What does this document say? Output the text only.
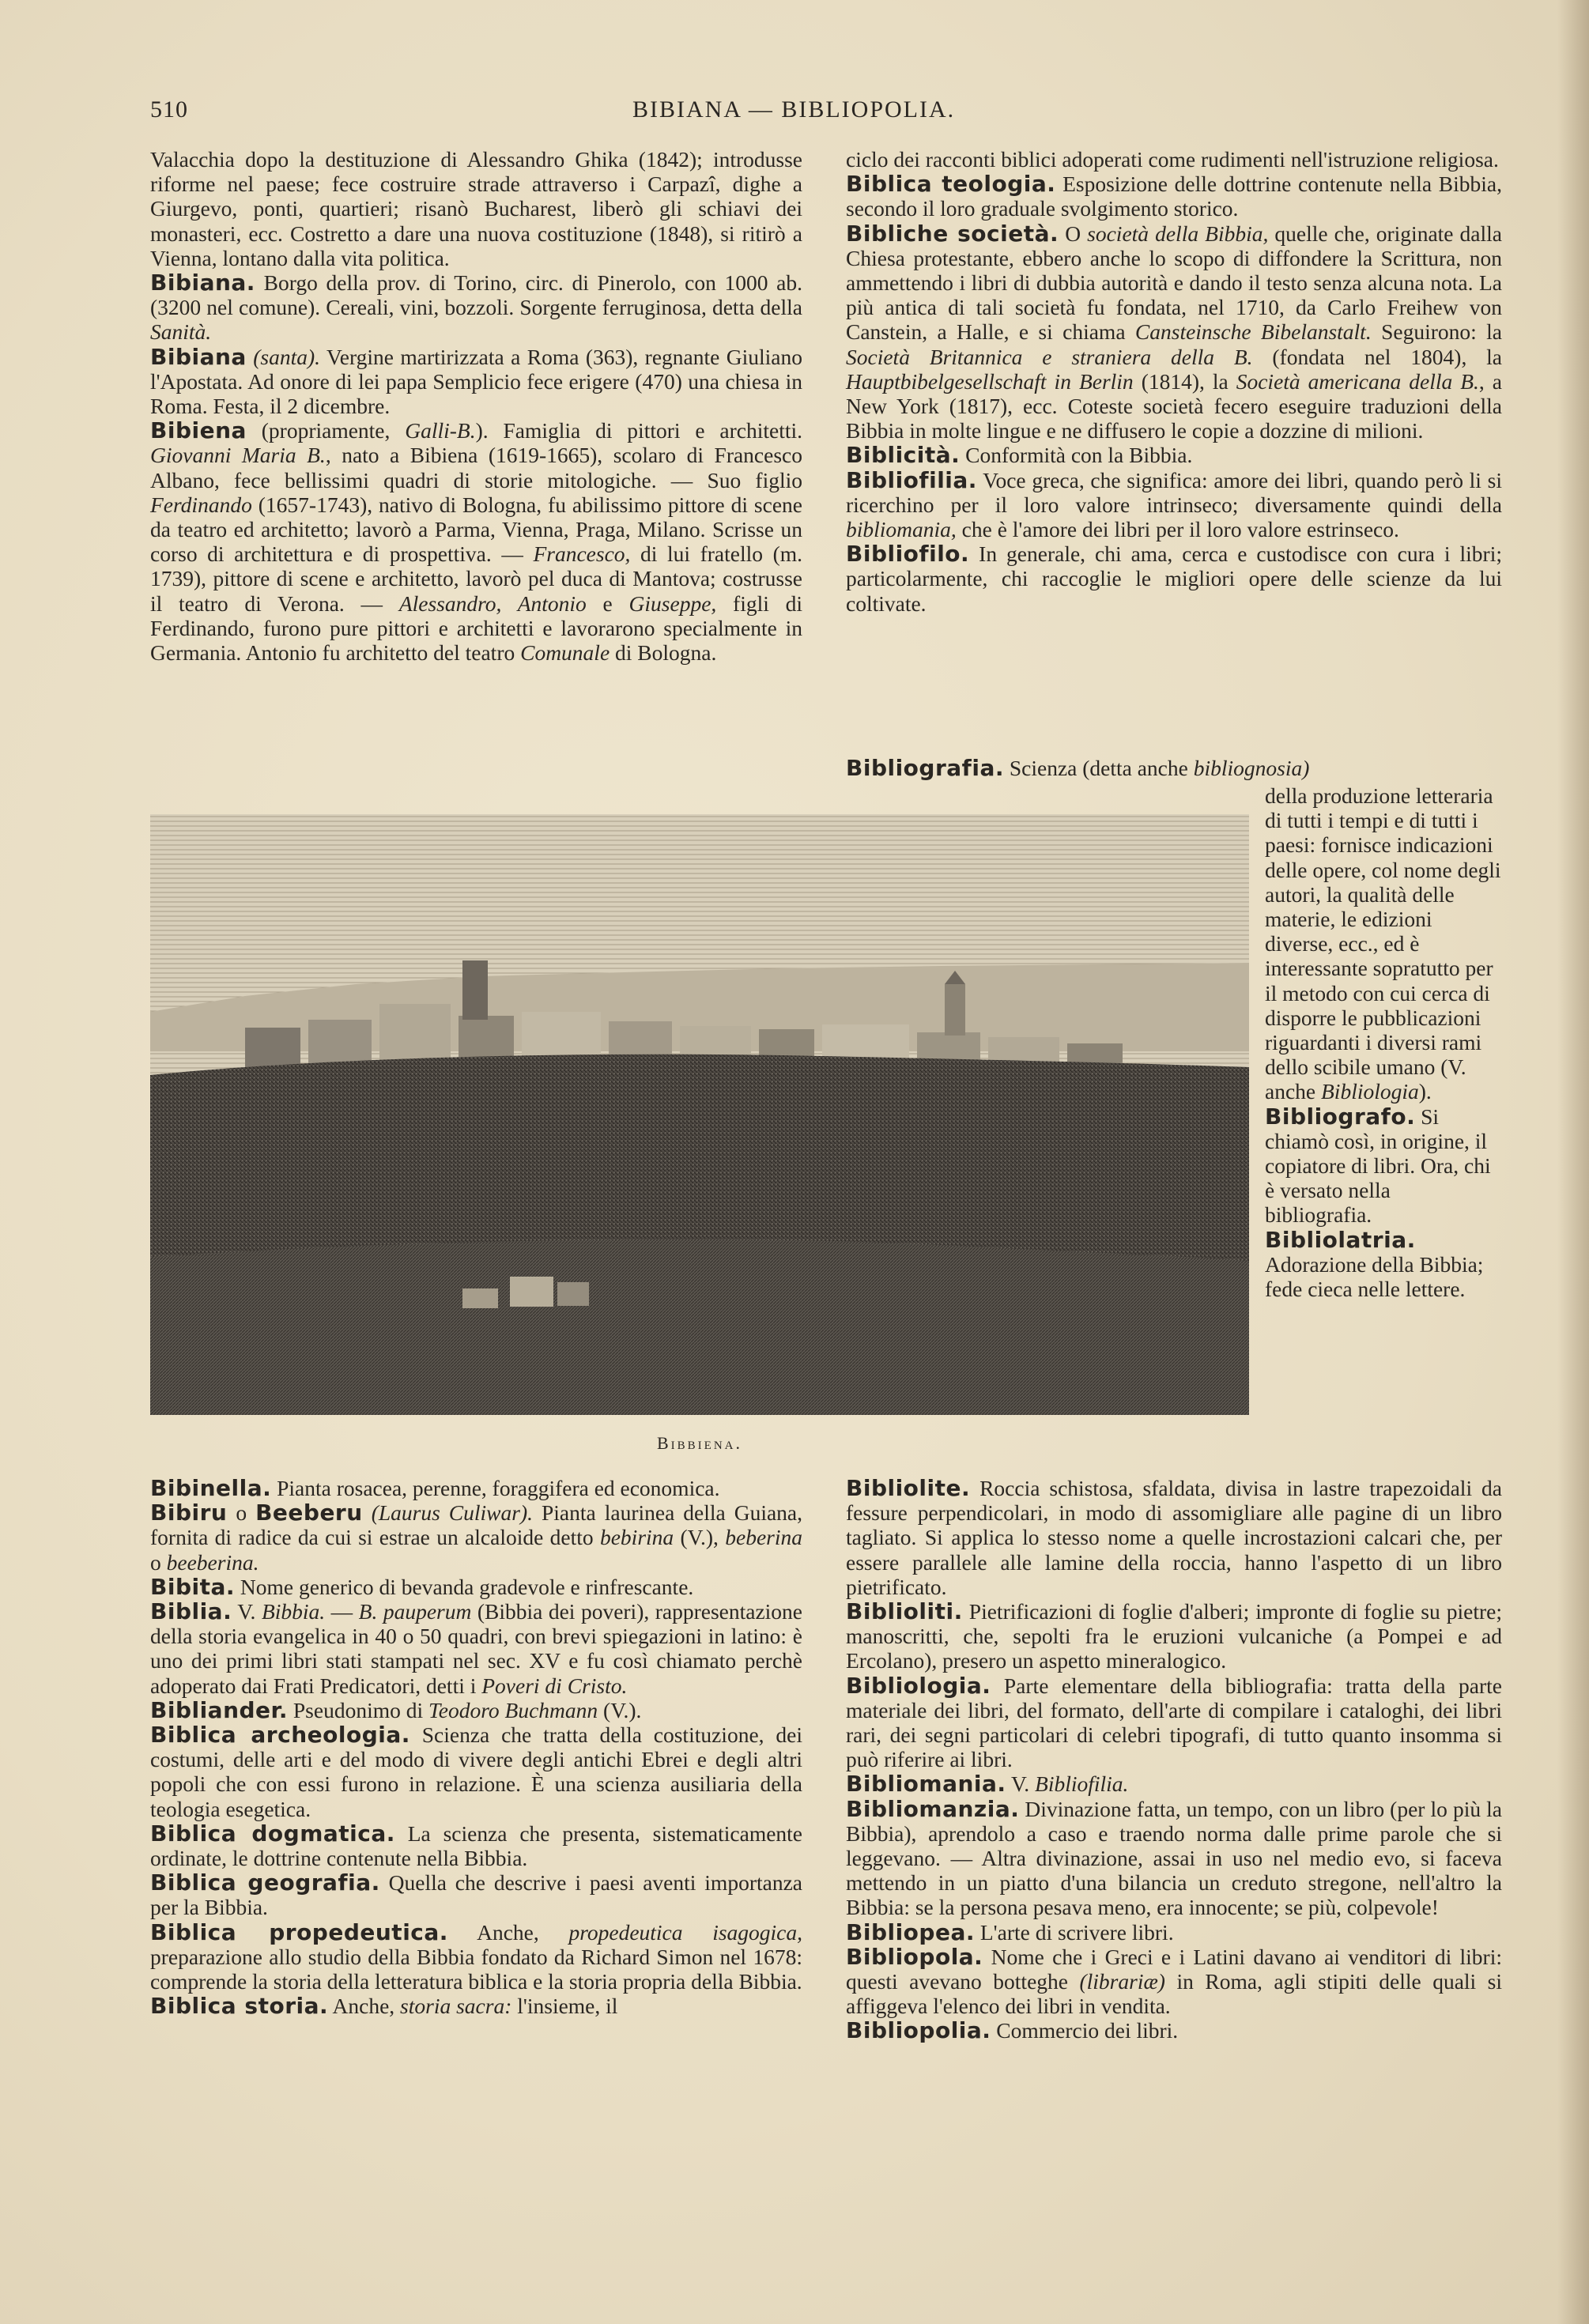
510	BIBIANA — BIBLIOPOLIA.

Valacchia dopo la destituzione di Alessandro Ghika (1842); introdusse riforme nel paese; fece costruire strade attraverso i Carpazî, dighe a Giurgevo, ponti, quartieri; risanò Bucharest, liberò gli schiavi dei monasteri, ecc. Costretto a dare una nuova costituzione (1848), si ritirò a Vienna, lontano dalla vita politica.

Bibiana. Borgo della prov. di Torino, circ. di Pinerolo, con 1000 ab. (3200 nel comune). Cereali, vini, bozzoli. Sorgente ferruginosa, detta della Sanità.

Bibiana (santa). Vergine martirizzata a Roma (363), regnante Giuliano l'Apostata. Ad onore di lei papa Semplicio fece erigere (470) una chiesa in Roma. Festa, il 2 dicembre.

Bibiena (propriamente, Galli-B.). Famiglia di pittori e architetti. Giovanni Maria B., nato a Bibiena (1619-1665), scolaro di Francesco Albano, fece bellissimi quadri di storie mitologiche. — Suo figlio Ferdinando (1657-1743), nativo di Bologna, fu abilissimo pittore di scene da teatro ed architetto; lavorò a Parma, Vienna, Praga, Milano. Scrisse un corso di architettura e di prospettiva. — Francesco, di lui fratello (m. 1739), pittore di scene e architetto, lavorò pel duca di Mantova; costrusse il teatro di Verona. — Alessandro, Antonio e Giuseppe, figli di Ferdinando, furono pure pittori e architetti e lavorarono specialmente in Germania. Antonio fu architetto del teatro Comunale di Bologna.

Bibbiena.

Bibinella. Pianta rosacea, perenne, foraggifera ed economica.

Bibiru o Beeberu (Laurus Culiwar). Pianta laurinea della Guiana, fornita di radice da cui si estrae un alcaloide detto bebirina (V.), beberina o beeberina.

Bibita. Nome generico di bevanda gradevole e rinfrescante.

Biblia. V. Bibbia. — B. pauperum (Bibbia dei poveri), rappresentazione della storia evangelica in 40 o 50 quadri, con brevi spiegazioni in latino: è uno dei primi libri stati stampati nel sec. XV e fu così chiamato perchè adoperato dai Frati Predicatori, detti i Poveri di Cristo.

Bibliander. Pseudonimo di Teodoro Buchmann (V.).

Biblica archeologia. Scienza che tratta della costituzione, dei costumi, delle arti e del modo di vivere degli antichi Ebrei e degli altri popoli che con essi furono in relazione. È una scienza ausiliaria della teologia esegetica.

Biblica dogmatica. La scienza che presenta, sistematicamente ordinate, le dottrine contenute nella Bibbia.

Biblica geografia. Quella che descrive i paesi aventi importanza per la Bibbia.

Biblica propedeutica. Anche, propedeutica isagogica, preparazione allo studio della Bibbia fondato da Richard Simon nel 1678: comprende la storia della letteratura biblica e la storia propria della Bibbia.

Biblica storia. Anche, storia sacra: l'insieme, il

ciclo dei racconti biblici adoperati come rudimenti nell'istruzione religiosa.

Biblica teologia. Esposizione delle dottrine contenute nella Bibbia, secondo il loro graduale svolgimento storico.

Bibliche società. O società della Bibbia, quelle che, originate dalla Chiesa protestante, ebbero anche lo scopo di diffondere la Scrittura, non ammettendo i libri di dubbia autorità e dando il testo senza alcuna nota. La più antica di tali società fu fondata, nel 1710, da Carlo Freihew von Canstein, a Halle, e si chiama Cansteinsche Bibelanstalt. Seguirono: la Società Britannica e straniera della B. (fondata nel 1804), la Hauptbibelgesellschaft in Berlin (1814), la Società americana della B., a New York (1817), ecc. Coteste società fecero eseguire traduzioni della Bibbia in molte lingue e ne diffusero le copie a dozzine di milioni.

Biblicità. Conformità con la Bibbia.

Bibliofilia. Voce greca, che significa: amore dei libri, quando però li si ricerchino per il loro valore intrinseco; diversamente quindi della bibliomania, che è l'amore dei libri per il loro valore estrinseco.

Bibliofilo. In generale, chi ama, cerca e custodisce con cura i libri; particolarmente, chi raccoglie le migliori opere delle scienze da lui coltivate.

Bibliografia. Scienza (detta anche bibliognosia)

della produzione letteraria di tutti i tempi e di tutti i paesi: fornisce indicazioni delle opere, col nome degli autori, la qualità delle materie, le edizioni diverse, ecc., ed è interessante sopratutto per il metodo con cui cerca di disporre le pubblicazioni riguardanti i diversi rami dello scibile umano (V. anche Bibliologia).

Bibliografo. Si chiamò così, in origine, il copiatore di libri. Ora, chi è versato nella bibliografia.

Bibliolatria. Adorazione della Bibbia; fede cieca nelle lettere.

Bibliolite. Roccia schistosa, sfaldata, divisa in lastre trapezoidali da fessure perpendicolari, in modo di assomigliare alle pagine di un libro tagliato. Si applica lo stesso nome a quelle incrostazioni calcari che, per essere parallele alle lamine della roccia, hanno l'aspetto di un libro pietrificato.

Biblioliti. Pietrificazioni di foglie d'alberi; impronte di foglie su pietre; manoscritti, che, sepolti fra le eruzioni vulcaniche (a Pompei e ad Ercolano), presero un aspetto mineralogico.

Bibliologia. Parte elementare della bibliografia: tratta della parte materiale dei libri, del formato, dell'arte di compilare i cataloghi, dei libri rari, dei segni particolari di celebri tipografi, di tutto quanto insomma si può riferire ai libri.

Bibliomania. V. Bibliofilia.

Bibliomanzia. Divinazione fatta, un tempo, con un libro (per lo più la Bibbia), aprendolo a caso e traendo norma dalle prime parole che si leggevano. — Altra divinazione, assai in uso nel medio evo, si faceva mettendo in un piatto d'una bilancia un creduto stregone, nell'altro la Bibbia: se la persona pesava meno, era innocente; se più, colpevole!

Bibliopea. L'arte di scrivere libri.

Bibliopola. Nome che i Greci e i Latini davano ai venditori di libri: questi avevano botteghe (librariæ) in Roma, agli stipiti delle quali si affiggeva l'elenco dei libri in vendita.

Bibliopolia. Commercio dei libri.
